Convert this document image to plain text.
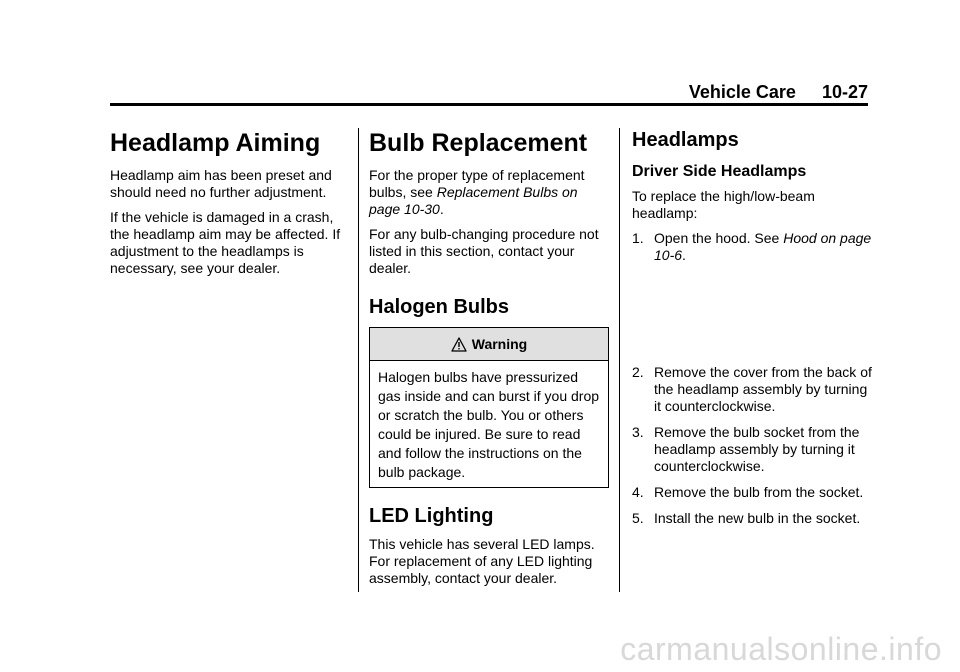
Vehicle Care 10-27
Headlamp Aiming

Headlamp aim has been preset and should need no further adjustment.

If the vehicle is damaged in a crash, the headlamp aim may be affected. If adjustment to the headlamps is necessary, see your dealer.

Bulb Replacement

For the proper type of replacement bulbs, see Replacement Bulbs on page 10-30.

For any bulb-changing procedure not listed in this section, contact your dealer.

Halogen Bulbs
Warning
Halogen bulbs have pressurized gas inside and can burst if you drop or scratch the bulb. You or others could be injured. Be sure to read and follow the instructions on the bulb package.
LED Lighting

This vehicle has several LED lamps. For replacement of any LED lighting assembly, contact your dealer.

Headlamps
Driver Side Headlamps

To replace the high/low-beam headlamp:

1. Open the hood. See Hood on page 10-6.
2. Remove the cover from the back of the headlamp assembly by turning it counterclockwise.
3. Remove the bulb socket from the headlamp assembly by turning it counterclockwise.
4. Remove the bulb from the socket.
5. Install the new bulb in the socket.
carmanualsonline.info
